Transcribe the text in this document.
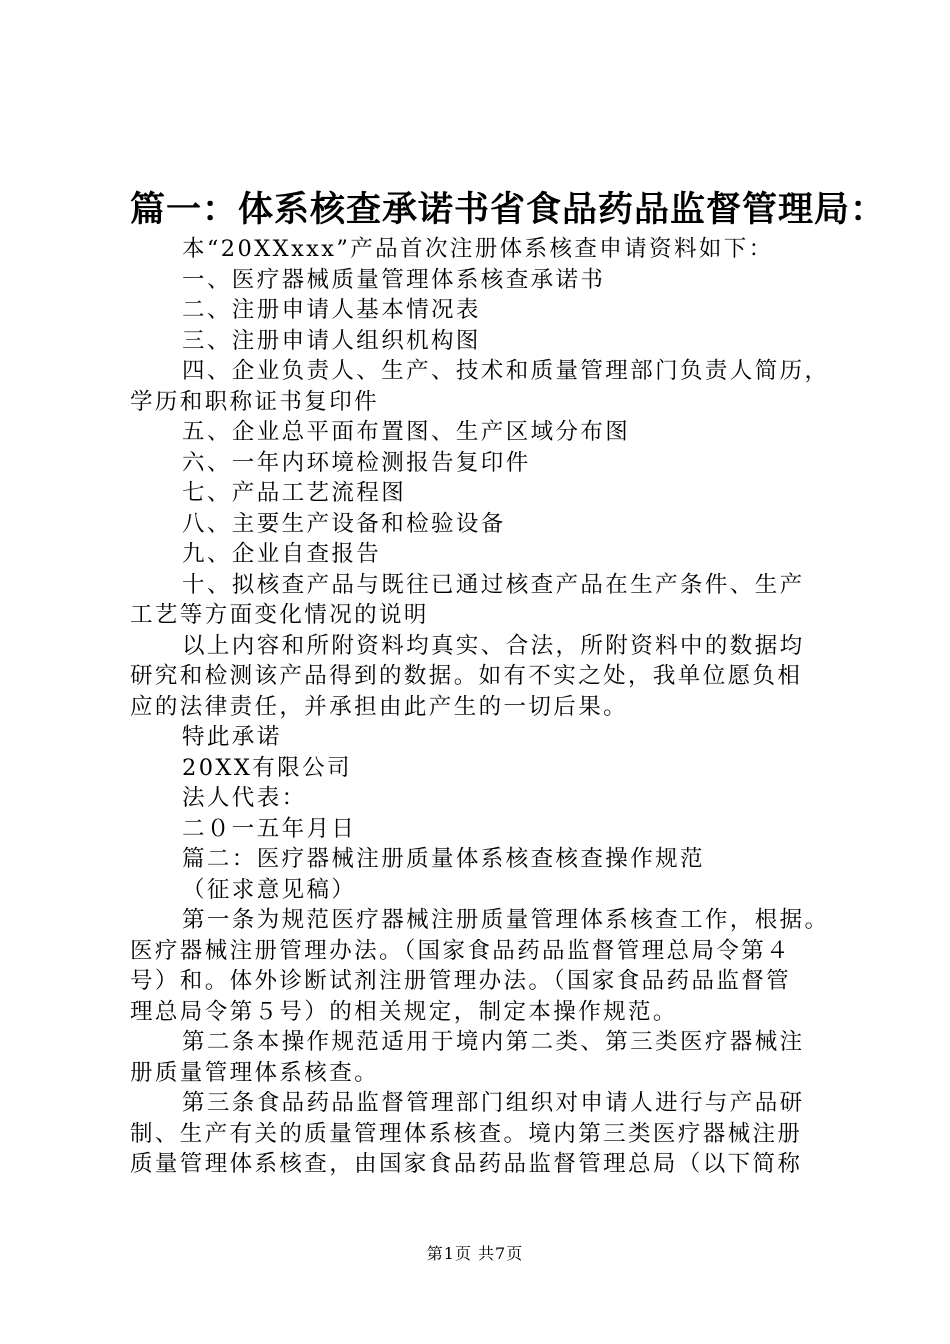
篇一：体系核查承诺书省食品药品监督管理局：

本“20XXxxx”产品首次注册体系核查申请资料如下：

一、医疗器械质量管理体系核查承诺书

二、注册申请人基本情况表

三、注册申请人组织机构图

四、企业负责人、生产、技术和质量管理部门负责人简历，

学历和职称证书复印件

五、企业总平面布置图、生产区域分布图

六、一年内环境检测报告复印件

七、产品工艺流程图

八、主要生产设备和检验设备

九、企业自查报告

十、拟核查产品与既往已通过核查产品在生产条件、生产

工艺等方面变化情况的说明

以上内容和所附资料均真实、合法，所附资料中的数据均

研究和检测该产品得到的数据。如有不实之处，我单位愿负相

应的法律责任，并承担由此产生的一切后果。

特此承诺

20XX有限公司

法人代表：

二０一五年月日

篇二：医疗器械注册质量体系核查核查操作规范

（征求意见稿）

第一条为规范医疗器械注册质量管理体系核查工作，根据。

医疗器械注册管理办法。（国家食品药品监督管理总局令第４

号）和。体外诊断试剂注册管理办法。（国家食品药品监督管

理总局令第５号）的相关规定，制定本操作规范。

第二条本操作规范适用于境内第二类、第三类医疗器械注

册质量管理体系核查。

第三条食品药品监督管理部门组织对申请人进行与产品研

制、生产有关的质量管理体系核查。境内第三类医疗器械注册

质量管理体系核查，由国家食品药品监督管理总局（以下简称

第1页 共7页
